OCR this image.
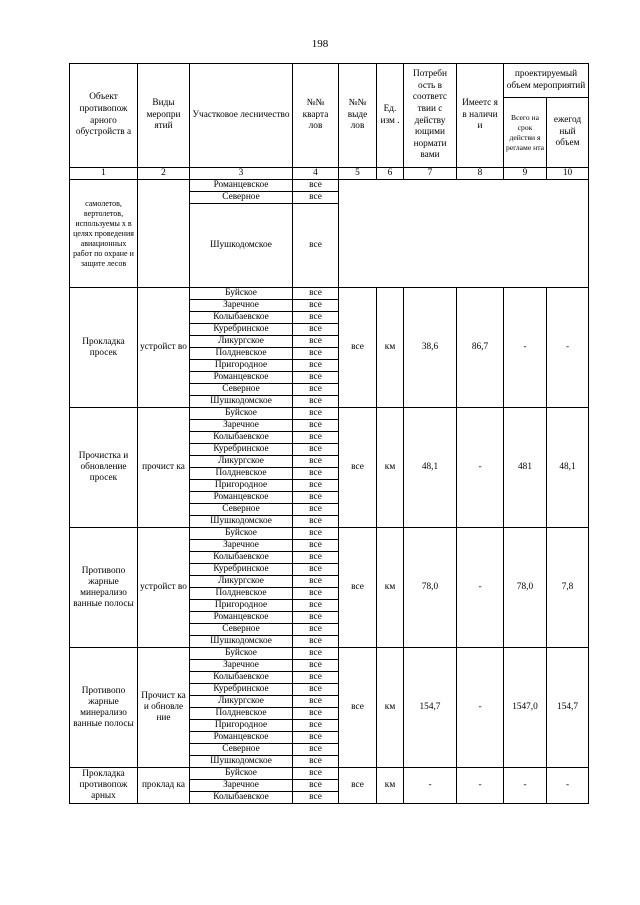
198
Объект противопож арного обустройств а	Виды меропри ятий	Участковое лесничество	№№ кварта лов	№№ выде лов	Ед. изм .	Потребн ость в соответс твии с действу ющими нормати вами	Имеетс я в наличи и	проектируемый объем мероприятий	
								Всего на срок действи я регламе нта	ежегод ный объем
1	2	3	4	5	6	7	8	9	10
самолетов, вертолетов, используемы х в целях проведения авиационных работ по охране и защите лесов		Романцевское	все						
		Северное	все						
		Шушкодомское	все						
Прокладка просек	устройст во	Буйское	все	все	км	38,6	86,7	-	-
		Заречное	все						
		Колыбаевское	все						
		Куребринское	все						
		Ликургское	все						
		Полдневское	все						
		Пригородное	все						
		Романцевское	все						
		Северное	все						
		Шушкодомское	все						
Прочистка и обновление просек	прочист ка	Буйское	все	все	км	48,1	-	481	48,1
		Заречное	все						
		Колыбаевское	все						
		Куребринское	все						
		Ликургское	все						
		Полдневское	все						
		Пригородное	все						
		Романцевское	все						
		Северное	все						
		Шушкодомское	все						
Противопо жарные минерализо ванные полосы	устройст во	Буйское	все	все	км	78,0	-	78,0	7,8
		Заречное	все						
		Колыбаевское	все						
		Куребринское	все						
		Ликургское	все						
		Полдневское	все						
		Пригородное	все						
		Романцевское	все						
		Северное	все						
		Шушкодомское	все						
Противопо жарные минерализо ванные полосы	Прочист ка и обновле ние	Буйское	все	все	км	154,7	-	1547,0	154,7
		Заречное	все						
		Колыбаевское	все						
		Куребринское	все						
		Ликургское	все						
		Полдневское	все						
		Пригородное	все						
		Романцевское	все						
		Северное	все						
		Шушкодомское	все						
Прокладка противопож арных	проклад ка	Буйское	все	все	км	-	-	-	-
		Заречное	все						
		Колыбаевское	все						
